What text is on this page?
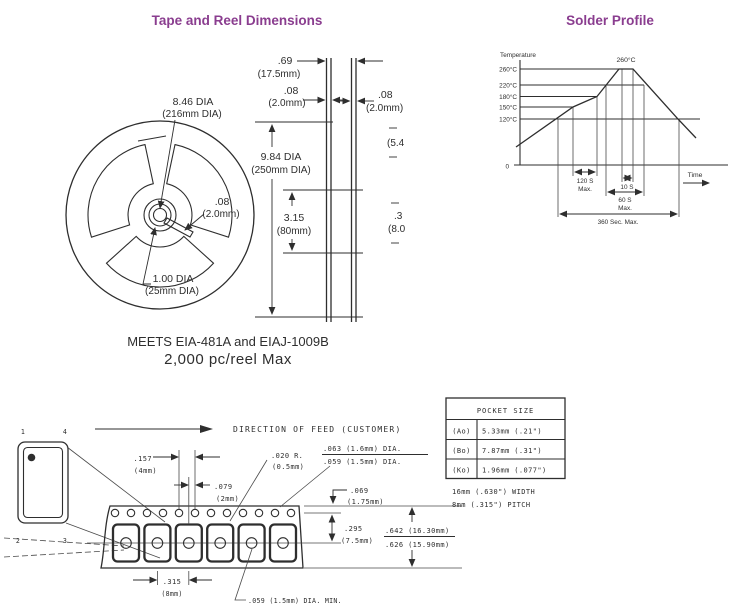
Tape and Reel Dimensions	Solder Profile
8.46 DIA
(216mm DIA)
.08
(2.0mm)
1.00 DIA
(25mm DIA)
.69
(17.5mm)
.08
(2.0mm)
.08
(2.0mm)
9.84 DIA
(250mm DIA)
3.15
(80mm)
(5.4
.3
(8.0
MEETS EIA-481A and EIAJ-1009B
2,000 pc/reel Max
Temperature
260°C
220°C
180°C
150°C
120°C
0
260°C
120 S
Max.	10 S
60 S
Max.
360 Sec. Max.
Time
1	4
2	3
DIRECTION OF FEED (CUSTOMER)
.157
(4mm)
.079
(2mm)
.020 R.
(0.5mm)
.063 (1.6mm) DIA.
.059 (1.5mm) DIA.
.069
(1.75mm)
.295
(7.5mm)
.642 (16.30mm)
.626 (15.90mm)
.315
(8mm)
.059 (1.5mm) DIA. MIN.
POCKET SIZE
(Ao) 5.33mm (.21")
(Bo) 7.87mm (.31")
(Ko) 1.96mm (.077")
16mm (.630") WIDTH
8mm (.315") PITCH
